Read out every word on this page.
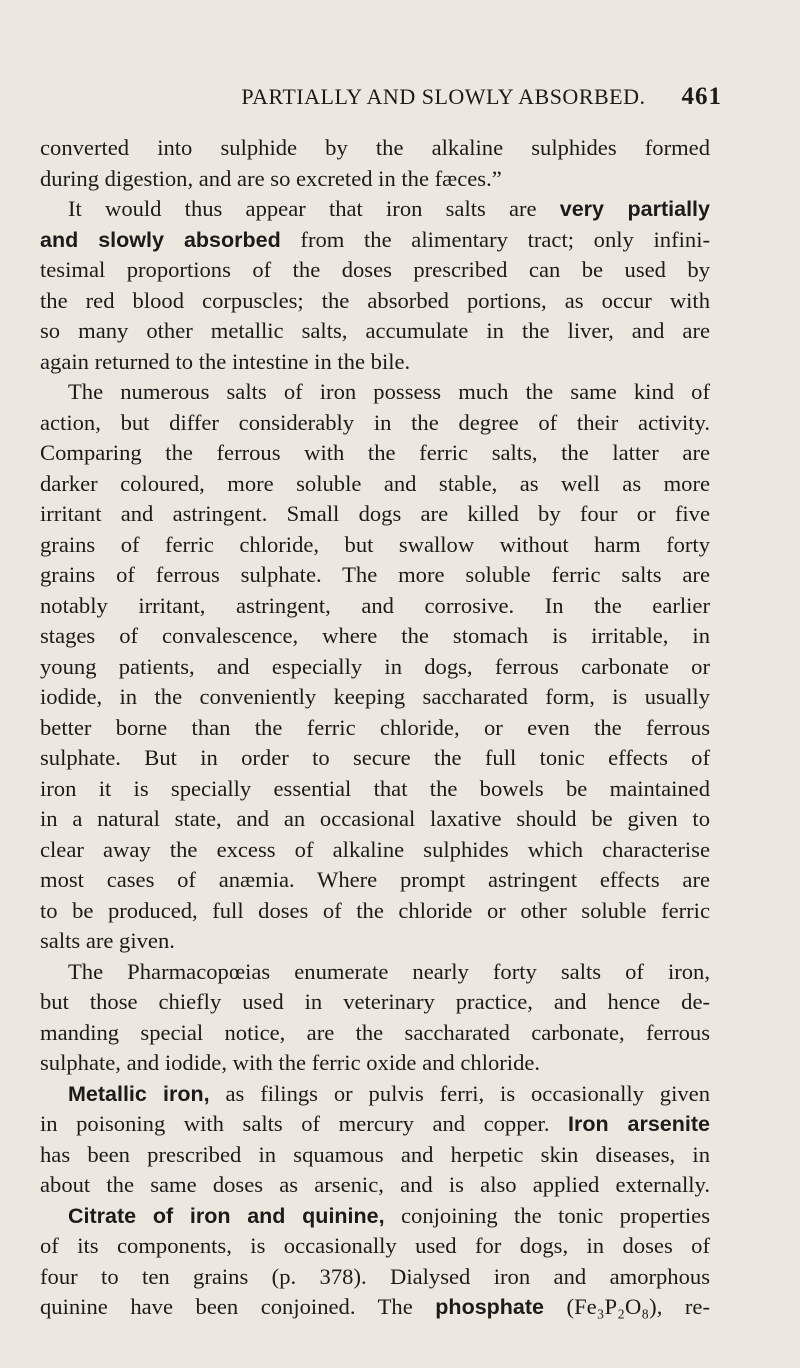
PARTIALLY AND SLOWLY ABSORBED. 461
converted into sulphide by the alkaline sulphides formed
during digestion, and are so excreted in the fæces.”
It would thus appear that iron salts are very partially
and slowly absorbed from the alimentary tract; only infini-
tesimal proportions of the doses prescribed can be used by
the red blood corpuscles; the absorbed portions, as occur with
so many other metallic salts, accumulate in the liver, and are
again returned to the intestine in the bile.
The numerous salts of iron possess much the same kind of
action, but differ considerably in the degree of their activity.
Comparing the ferrous with the ferric salts, the latter are
darker coloured, more soluble and stable, as well as more
irritant and astringent. Small dogs are killed by four or five
grains of ferric chloride, but swallow without harm forty
grains of ferrous sulphate. The more soluble ferric salts are
notably irritant, astringent, and corrosive. In the earlier
stages of convalescence, where the stomach is irritable, in
young patients, and especially in dogs, ferrous carbonate or
iodide, in the conveniently keeping saccharated form, is usually
better borne than the ferric chloride, or even the ferrous
sulphate. But in order to secure the full tonic effects of
iron it is specially essential that the bowels be maintained
in a natural state, and an occasional laxative should be given to
clear away the excess of alkaline sulphides which characterise
most cases of anæmia. Where prompt astringent effects are
to be produced, full doses of the chloride or other soluble ferric
salts are given.
The Pharmacopœias enumerate nearly forty salts of iron,
but those chiefly used in veterinary practice, and hence de-
manding special notice, are the saccharated carbonate, ferrous
sulphate, and iodide, with the ferric oxide and chloride.
Metallic iron, as filings or pulvis ferri, is occasionally given
in poisoning with salts of mercury and copper. Iron arsenite
has been prescribed in squamous and herpetic skin diseases, in
about the same doses as arsenic, and is also applied externally.
Citrate of iron and quinine, conjoining the tonic properties
of its components, is occasionally used for dogs, in doses of
four to ten grains (p. 378). Dialysed iron and amorphous
quinine have been conjoined. The phosphate (Fe₃P₂O₈), re-
